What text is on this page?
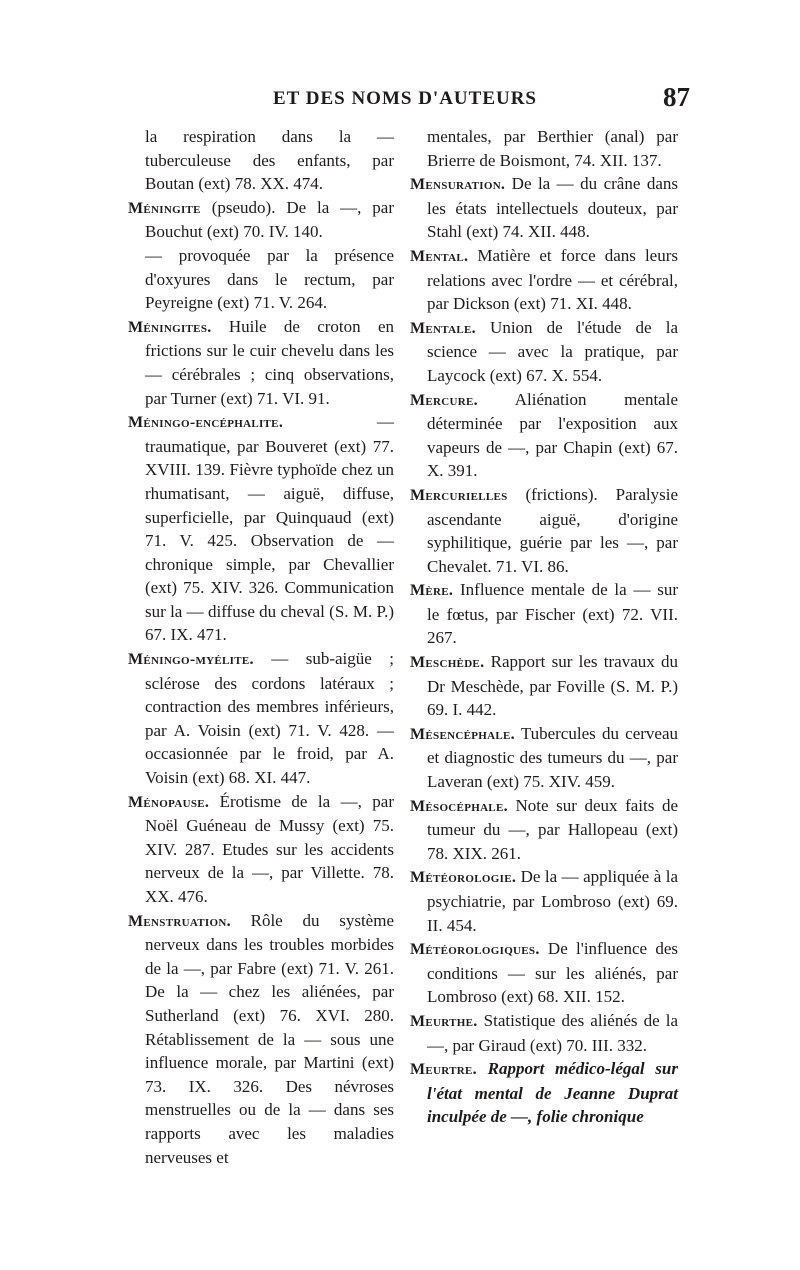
ET DES NOMS D'AUTEURS	87

la respiration dans la — tuberculeuse des enfants, par Boutan (ext) 78. XX. 474.

Méningite (pseudo). De la —, par Bouchut (ext) 70. IV. 140.

— provoquée par la présence d'oxyures dans le rectum, par Peyreigne (ext) 71. V. 264.

Méningites. Huile de croton en frictions sur le cuir chevelu dans les — cérébrales ; cinq observations, par Turner (ext) 71. VI. 91.

Méningo-encéphalite. — traumatique, par Bouveret (ext) 77. XVIII. 139. Fièvre typhoïde chez un rhumatisant, — aiguë, diffuse, superficielle, par Quinquaud (ext) 71. V. 425. Observation de — chronique simple, par Chevallier (ext) 75. XIV. 326. Communication sur la — diffuse du cheval (S. M. P.) 67. IX. 471.

Méningo-myélite. — sub-aigüe ; sclérose des cordons latéraux ; contraction des membres inférieurs, par A. Voisin (ext) 71. V. 428. — occasionnée par le froid, par A. Voisin (ext) 68. XI. 447.

Ménopause. Érotisme de la —, par Noël Guéneau de Mussy (ext) 75. XIV. 287. Etudes sur les accidents nerveux de la —, par Villette. 78. XX. 476.

Menstruation. Rôle du système nerveux dans les troubles morbides de la —, par Fabre (ext) 71. V. 261. De la — chez les aliénées, par Sutherland (ext) 76. XVI. 280. Rétablissement de la — sous une influence morale, par Martini (ext) 73. IX. 326. Des névroses menstruelles ou de la — dans ses rapports avec les maladies nerveuses et

mentales, par Berthier (anal) par Brierre de Boismont, 74. XII. 137.

Mensuration. De la — du crâne dans les états intellectuels douteux, par Stahl (ext) 74. XII. 448.

Mental. Matière et force dans leurs relations avec l'ordre — et cérébral, par Dickson (ext) 71. XI. 448.

Mentale. Union de l'étude de la science — avec la pratique, par Laycock (ext) 67. X. 554.

Mercure. Aliénation mentale déterminée par l'exposition aux vapeurs de —, par Chapin (ext) 67. X. 391.

Mercurielles (frictions). Paralysie ascendante aiguë, d'origine syphilitique, guérie par les —, par Chevalet. 71. VI. 86.

Mère. Influence mentale de la — sur le fœtus, par Fischer (ext) 72. VII. 267.

Meschède. Rapport sur les travaux du Dr Meschède, par Foville (S. M. P.) 69. I. 442.

Mésencéphale. Tubercules du cerveau et diagnostic des tumeurs du —, par Laveran (ext) 75. XIV. 459.

Mésocéphale. Note sur deux faits de tumeur du —, par Hallopeau (ext) 78. XIX. 261.

Météorologie. De la — appliquée à la psychiatrie, par Lombroso (ext) 69. II. 454.

Météorologiques. De l'influence des conditions — sur les aliénés, par Lombroso (ext) 68. XII. 152.

Meurthe. Statistique des aliénés de la —, par Giraud (ext) 70. III. 332.

Meurtre. Rapport médico-légal sur l'état mental de Jeanne Duprat inculpée de —, folie chronique
